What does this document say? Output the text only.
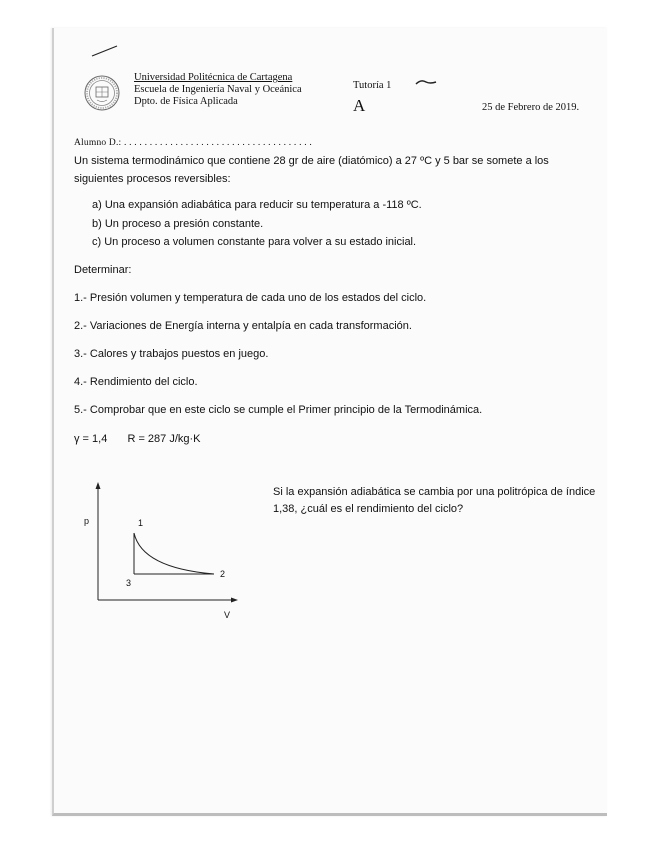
Universidad Politécnica de Cartagena
Escuela de Ingeniería Naval y Oceánica
Dpto. de Física Aplicada
Tutoría 1
A	25 de Febrero de 2019.
Alumno D.: . . . . . . . . . . . . . . . . . . . . . . . . . . . . . . . . . . . . .
Un sistema termodinámico que contiene 28 gr de aire (diatómico) a 27 ºC y 5 bar se somete a los siguientes procesos reversibles:
a) Una expansión adiabática para reducir su temperatura a -118 ºC.
b) Un proceso a presión constante.
c) Un proceso a volumen constante para volver a su estado inicial.
Determinar:
1.- Presión volumen y temperatura de cada uno de los estados del ciclo.
2.- Variaciones de Energía interna y entalpía en cada transformación.
3.- Calores y trabajos puestos en juego.
4.- Rendimiento del ciclo.
5.- Comprobar que en este ciclo se cumple el Primer principio de la Termodinámica.
γ = 1,4 R = 287 J/kg·K
p	1
2
3
V
Si la expansión adiabática se cambia por una politrópica de índice 1,38, ¿cuál es el rendimiento del ciclo?
